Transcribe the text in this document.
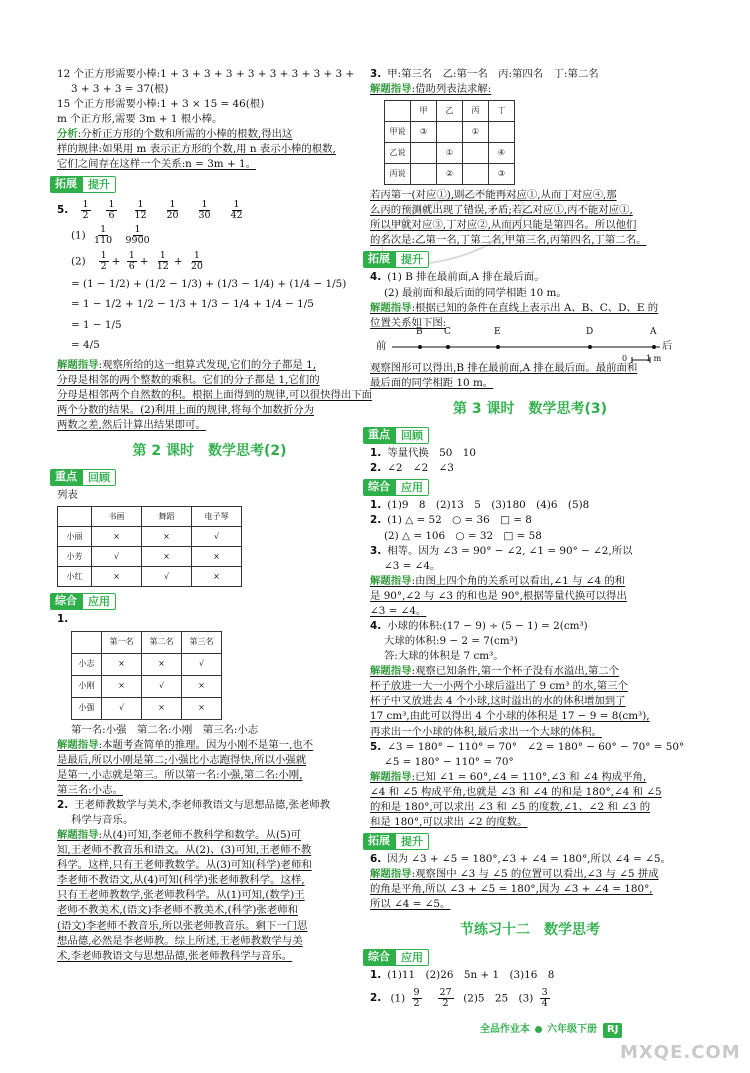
12 个正方形需要小棒:1 + 3 + 3 + 3 + 3 + 3 + 3 + 3 + 3 +
3 + 3 + 3 = 37(根)
15 个正方形需要小棒:1 + 3 × 15 = 46(根)
m 个正方形,需要 3m + 1 根小棒。
分析:分析正方形的个数和所需的小棒的根数,得出这
样的规律:如果用 m 表示正方形的个数,用 n 表示小棒的根数,
它们之间存在这样一个关系:n = 3m + 1。
拓展	提升
5. $\frac{1}{2}$
$\frac{1}{6}$
$\frac{1}{12}$
$\frac{1}{20}$
$\frac{1}{30}$
$\frac{1}{42}$
$(1) \frac{1}{110}$
$\frac{1}{9900}$
$(2) \frac{1}{2} + \frac{1}{6} + \frac{1}{12} + \frac{1}{20}$
= (1 − 1/2) + (1/2 − 1/3) + (1/3 − 1/4) + (1/4 − 1/5)
= 1 − 1/2 + 1/2 − 1/3 + 1/3 − 1/4 + 1/4 − 1/5
= 1 − 1/5
= 4/5
解题指导:观察所给的这一组算式发现,它们的分子都是 1,
分母是相邻的两个整数的乘积。它们的分子都是 1,它们的
分母是相邻两个自然数的积。根据上面得到的规律,可以很快得出下面
两个分数的结果。(2)利用上面的规律,将每个加数折分为
两数之差,然后计算出结果即可。
第 2 课时　数学思考(2)
重点	回顾
列表
	书画	舞蹈	电子琴
小丽	×	×	√
小芳	√	×	×
小红	×	√	×
综合	应用
1.
	第一名	第二名	第三名
小志	×	×	√
小刚	×	√	×
小强	√	×	×
第一名:小强　第二名:小刚　第三名:小志
解题指导:本题考查简单的推理。因为小刚不是第一,也不
是最后,所以小刚是第二;小强比小志跑得快,所以小强就
是第一,小志就是第三。所以第一名:小强,第二名:小刚,
第三名:小志。
2. 王老师教数学与美术,李老师教语文与思想品德,张老师教
科学与音乐。
解题指导:从(4)可知,李老师不教科学和数学。从(5)可
知,王老师不教音乐和语文。从(2)、(3)可知,王老师不教
科学。这样,只有王老师教数学。从(3)可知(科学)老师和
李老师不教语文,从(4)可知(科学)张老师教科学。这样,
只有王老师教数学,张老师教科学。从(1)可知,(数学)王
老师不教美术,(语文)李老师不教美术,(科学)张老师和
(语文)李老师不教音乐,所以张老师教音乐。剩下一门思
想品德,必然是李老师教。综上所述,王老师教数学与美
术,李老师教语文与思想品德,张老师教科学与音乐。
3. 甲:第三名　乙:第一名　丙:第四名　丁:第二名
解题指导:借助列表法求解:
	甲	乙	丙	丁
甲说	③		①	
乙说		①		④
丙说		②		③
若丙第一(对应①),则乙不能再对应①,从而丁对应④,那
么丙的预测就出现了错误,矛盾;若乙对应①,丙不能对应①,
所以甲就对应③,丁对应②,从而丙只能是第四名。所以他们
的名次是:乙第一名,丁第二名,甲第三名,丙第四名,丁第二名。
拓展	提升
4. (1) B 排在最前面,A 排在最后面。
(2) 最前面和最后面的同学相距 10 m。
解题指导:根据已知的条件在直线上表示出 A、B、C、D、E 的
位置关系如下图:
前	后
B C	E	D	A
0 1 m
观察图形可以得出,B 排在最前面,A 排在最后面。最前面和
最后面的同学相距 10 m。
第 3 课时　数学思考(3)
重点	回顾
1. 等量代换　50　10
2. ∠2　∠2　∠3
综合	应用
1. (1)9　8　(2)13　5　(3)180　(4)6　(5)8
2. (1) △ = 52　○ = 36　□ = 8
(2) △ = 106　○ = 32　□ = 58
3. 相等。因为 ∠3 = 90° − ∠2, ∠1 = 90° − ∠2,所以
∠3 = ∠4。
解题指导:由图上四个角的关系可以看出,∠1 与 ∠4 的和
是 90°,∠2 与 ∠3 的和也是 90°,根据等量代换可以得出
∠3 = ∠4。
4. 小球的体积:(17 − 9) ÷ (5 − 1) = 2(cm³)
大球的体积:9 − 2 = 7(cm³)
答:大球的体积是 7 cm³。
解题指导:观察已知条件,第一个杯子没有水溢出,第二个
杯子放进一大一小两个小球后溢出了 9 cm³ 的水,第三个
杯子中又放进去 4 个小球,这时溢出的水的体积增加到了
17 cm³,由此可以得出 4 个小球的体积是 17 − 9 = 8(cm³),
再求出一个小球的体积,最后求出一个大球的体积。
5. ∠3 = 180° − 110° = 70°　∠2 = 180° − 60° − 70° = 50°
∠5 = 180° − 110° = 70°
解题指导:已知 ∠1 = 60°,∠4 = 110°,∠3 和 ∠4 构成平角,
∠4 和 ∠5 构成平角,也就是 ∠3 和 ∠4 的和是 180°,∠4 和 ∠5
的和是 180°,可以求出 ∠3 和 ∠5 的度数,∠1、∠2 和 ∠3 的
和是 180°,可以求出 ∠2 的度数。
拓展	提升
6. 因为 ∠3 + ∠5 = 180°,∠3 + ∠4 = 180°,所以 ∠4 = ∠5。
解题指导:观察图中 ∠3 与 ∠5 的位置可以看出,∠3 与 ∠5 拼成
的角是平角,所以 ∠3 + ∠5 = 180°,因为 ∠3 + ∠4 = 180°,
所以 ∠4 = ∠5。
节练习十二　数学思考
综合	应用
1. (1)11　(2)26　5n + 1　(3)16　8
2. $(1) \frac{9}{2}$
$\frac{27}{2} (2)5$　25　$(3) \frac{3}{4}$
全品作业本 六年级下册 RJ
MXQE.COM
